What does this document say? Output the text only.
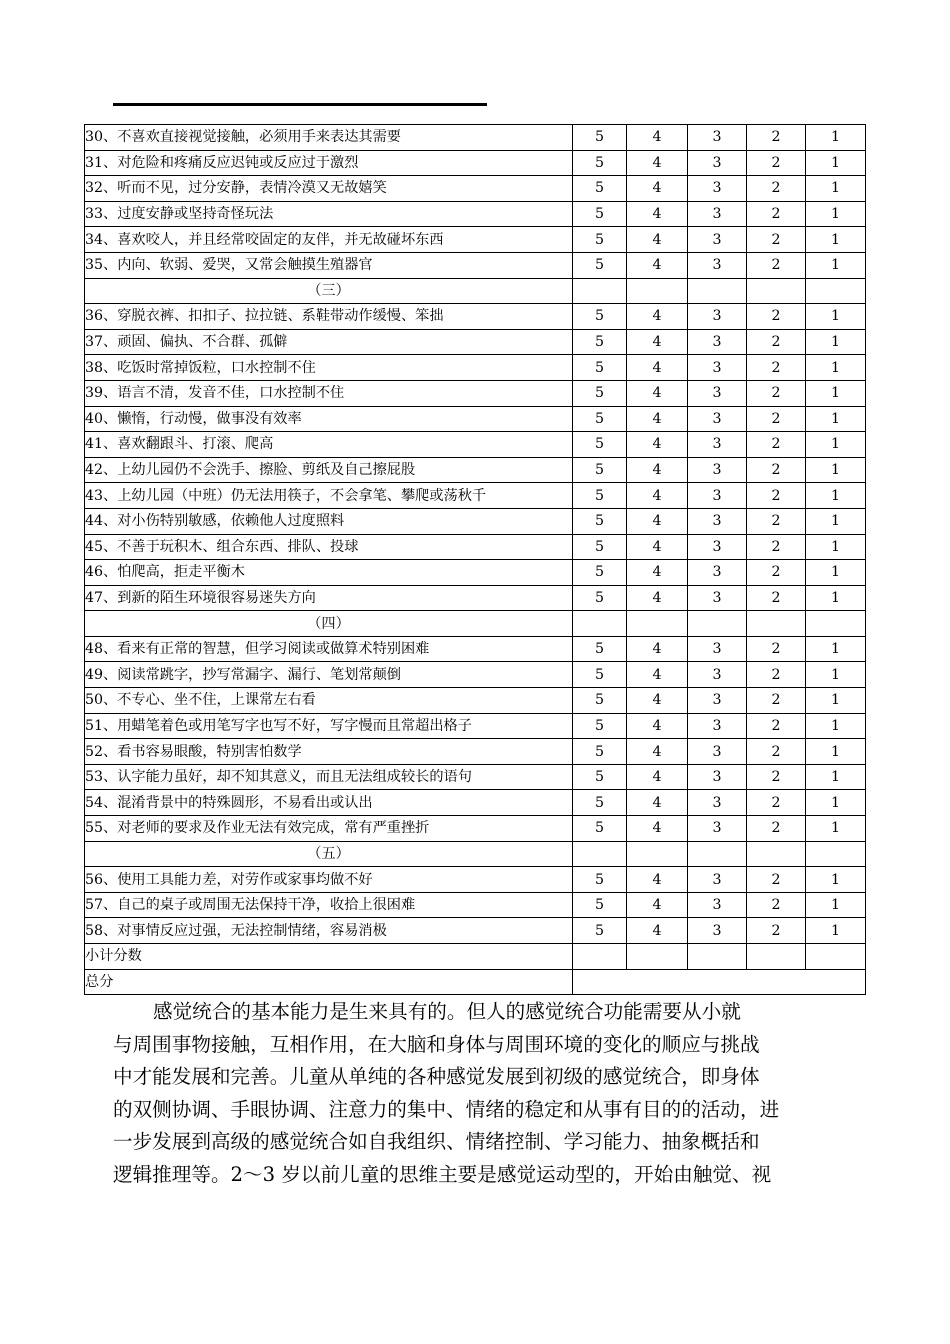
30、不喜欢直接视觉接触，必须用手来表达其需要	5	4	3	2	1
31、对危险和疼痛反应迟钝或反应过于激烈	5	4	3	2	1
32、听而不见，过分安静，表情冷漠又无故嬉笑	5	4	3	2	1
33、过度安静或坚持奇怪玩法	5	4	3	2	1
34、喜欢咬人，并且经常咬固定的友伴，并无故碰坏东西	5	4	3	2	1
35、内向、软弱、爱哭，又常会触摸生殖器官	5	4	3	2	1
（三）					
36、穿脱衣裤、扣扣子、拉拉链、系鞋带动作缓慢、笨拙	5	4	3	2	1
37、顽固、偏执、不合群、孤僻	5	4	3	2	1
38、吃饭时常掉饭粒，口水控制不住	5	4	3	2	1
39、语言不清，发音不佳，口水控制不住	5	4	3	2	1
40、懒惰，行动慢，做事没有效率	5	4	3	2	1
41、喜欢翻跟斗、打滚、爬高	5	4	3	2	1
42、上幼儿园仍不会洗手、擦脸、剪纸及自己擦屁股	5	4	3	2	1
43、上幼儿园（中班）仍无法用筷子，不会拿笔、攀爬或荡秋千	5	4	3	2	1
44、对小伤特别敏感，依赖他人过度照料	5	4	3	2	1
45、不善于玩积木、组合东西、排队、投球	5	4	3	2	1
46、怕爬高，拒走平衡木	5	4	3	2	1
47、到新的陌生环境很容易迷失方向	5	4	3	2	1
（四）					
48、看来有正常的智慧，但学习阅读或做算术特别困难	5	4	3	2	1
49、阅读常跳字，抄写常漏字、漏行、笔划常颠倒	5	4	3	2	1
50、不专心、坐不住，上课常左右看	5	4	3	2	1
51、用蜡笔着色或用笔写字也写不好，写字慢而且常超出格子	5	4	3	2	1
52、看书容易眼酸，特别害怕数学	5	4	3	2	1
53、认字能力虽好，却不知其意义，而且无法组成较长的语句	5	4	3	2	1
54、混淆背景中的特殊圆形，不易看出或认出	5	4	3	2	1
55、对老师的要求及作业无法有效完成，常有严重挫折	5	4	3	2	1
（五）					
56、使用工具能力差，对劳作或家事均做不好	5	4	3	2	1
57、自己的桌子或周围无法保持干净，收拾上很困难	5	4	3	2	1
58、对事情反应过强，无法控制情绪，容易消极	5	4	3	2	1
小计分数					
总分					
感觉统合的基本能力是生来具有的。但人的感觉统合功能需要从小就
与周围事物接触，互相作用，在大脑和身体与周围环境的变化的顺应与挑战
中才能发展和完善。儿童从单纯的各种感觉发展到初级的感觉统合，即身体
的双侧协调、手眼协调、注意力的集中、情绪的稳定和从事有目的的活动，进
一步发展到高级的感觉统合如自我组织、情绪控制、学习能力、抽象概括和
逻辑推理等。2～3 岁以前儿童的思维主要是感觉运动型的，开始由触觉、视
